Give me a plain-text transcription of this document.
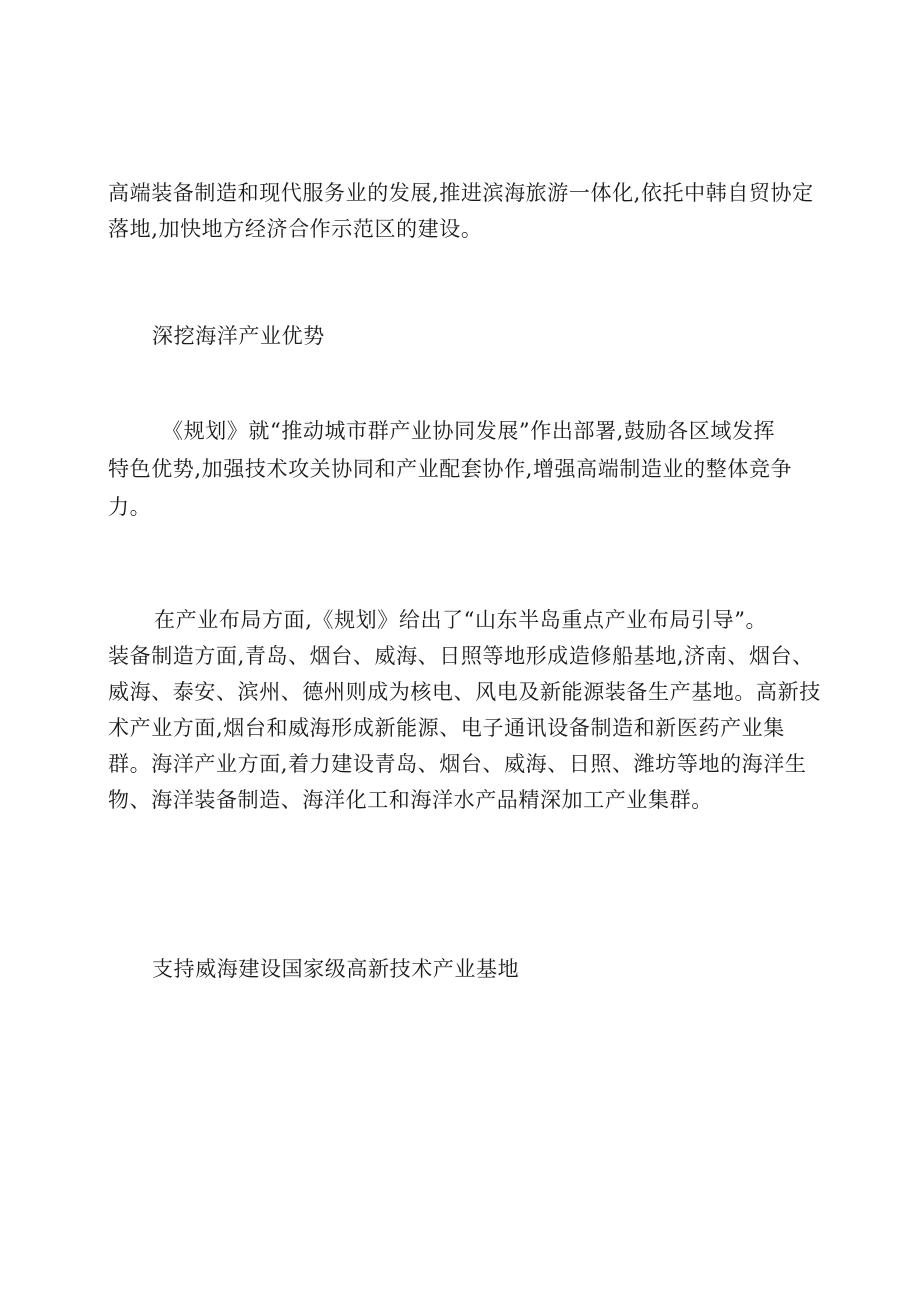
高端装备制造和现代服务业的发展,推进滨海旅游一体化,依托中韩自贸协定
落地,加快地方经济合作示范区的建设。

深挖海洋产业优势

《规划》就“推动城市群产业协同发展”作出部署,鼓励各区域发挥
特色优势,加强技术攻关协同和产业配套协作,增强高端制造业的整体竞争
力。

在产业布局方面,《规划》给出了“山东半岛重点产业布局引导”。
装备制造方面,青岛、烟台、威海、日照等地形成造修船基地,济南、烟台、
威海、泰安、滨州、德州则成为核电、风电及新能源装备生产基地。高新技
术产业方面,烟台和威海形成新能源、电子通讯设备制造和新医药产业集
群。海洋产业方面,着力建设青岛、烟台、威海、日照、潍坊等地的海洋生
物、海洋装备制造、海洋化工和海洋水产品精深加工产业集群。

支持威海建设国家级高新技术产业基地
